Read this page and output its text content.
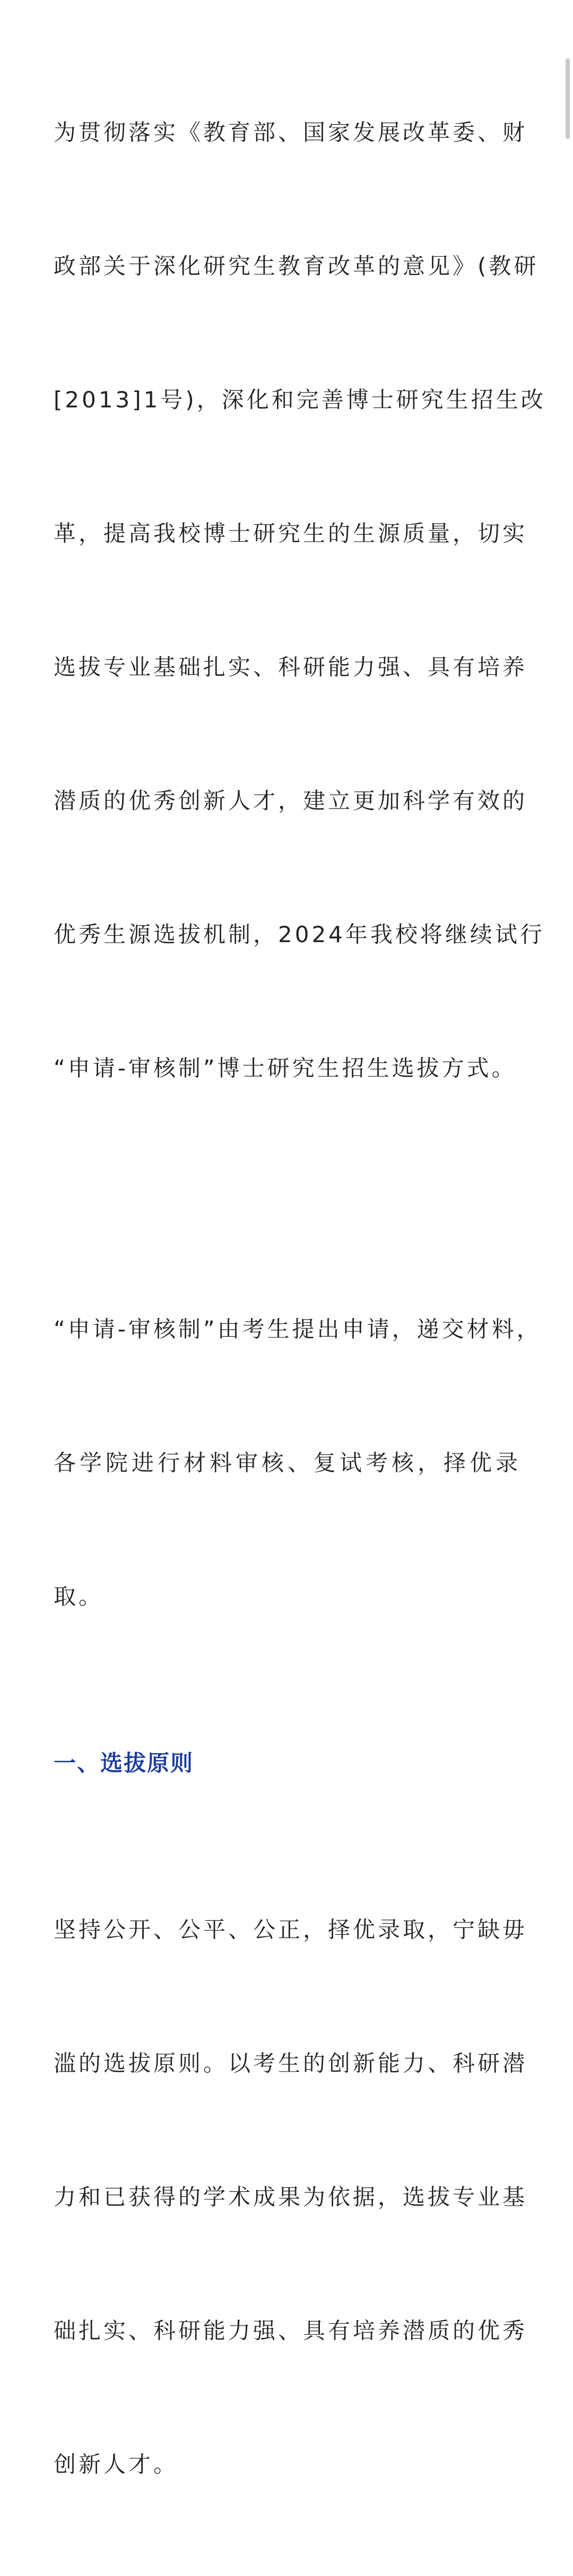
为贯彻落实《教育部、国家发展改革委、财

政部关于深化研究生教育改革的意见》(教研

[2013]1号)，深化和完善博士研究生招生改

革，提高我校博士研究生的生源质量，切实

选拔专业基础扎实、科研能力强、具有培养

潜质的优秀创新人才，建立更加科学有效的

优秀生源选拔机制，2024年我校将继续试行

“申请-审核制”博士研究生招生选拔方式。

“申请-审核制”由考生提出申请，递交材料，

各学院进行材料审核、复试考核，择优录

取。

一、选拔原则

坚持公开、公平、公正，择优录取，宁缺毋

滥的选拔原则。以考生的创新能力、科研潜

力和已获得的学术成果为依据，选拔专业基

础扎实、科研能力强、具有培养潜质的优秀

创新人才。
